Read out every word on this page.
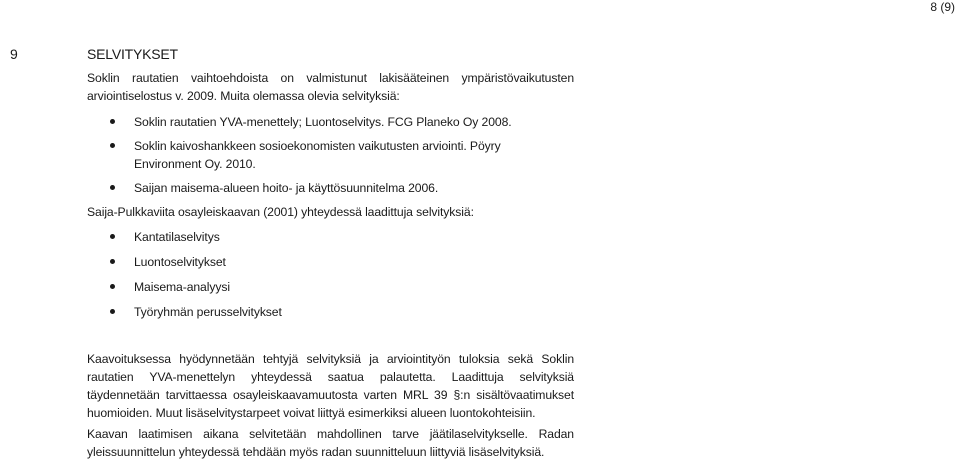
8 (9)
9	SELVITYKSET
Soklin rautatien vaihtoehdoista on valmistunut lakisääteinen ympäristövaikutusten
arviointiselostus v. 2009. Muita olemassa olevia selvityksiä:
Soklin rautatien YVA-menettely; Luontoselvitys. FCG Planeko Oy 2008.
Soklin kaivoshankkeen sosioekonomisten vaikutusten arviointi. Pöyry
Environment Oy. 2010.
Saijan maisema-alueen hoito- ja käyttösuunnitelma 2006.
Saija-Pulkkaviita osayleiskaavan (2001) yhteydessä laadittuja selvityksiä:
Kantatilaselvitys
Luontoselvitykset
Maisema-analyysi
Työryhmän perusselvitykset
Kaavoituksessa hyödynnetään tehtyjä selvityksiä ja arviointityön tuloksia sekä Soklin
rautatien YVA-menettelyn yhteydessä saatua palautetta. Laadittuja selvityksiä
täydennetään tarvittaessa osayleiskaavamuutosta varten MRL 39 §:n sisältövaatimukset
huomioiden. Muut lisäselvitystarpeet voivat liittyä esimerkiksi alueen luontokohteisiin.
Kaavan laatimisen aikana selvitetään mahdollinen tarve jäätilaselvitykselle. Radan
yleissuunnittelun yhteydessä tehdään myös radan suunnitteluun liittyviä lisäselvityksiä.
